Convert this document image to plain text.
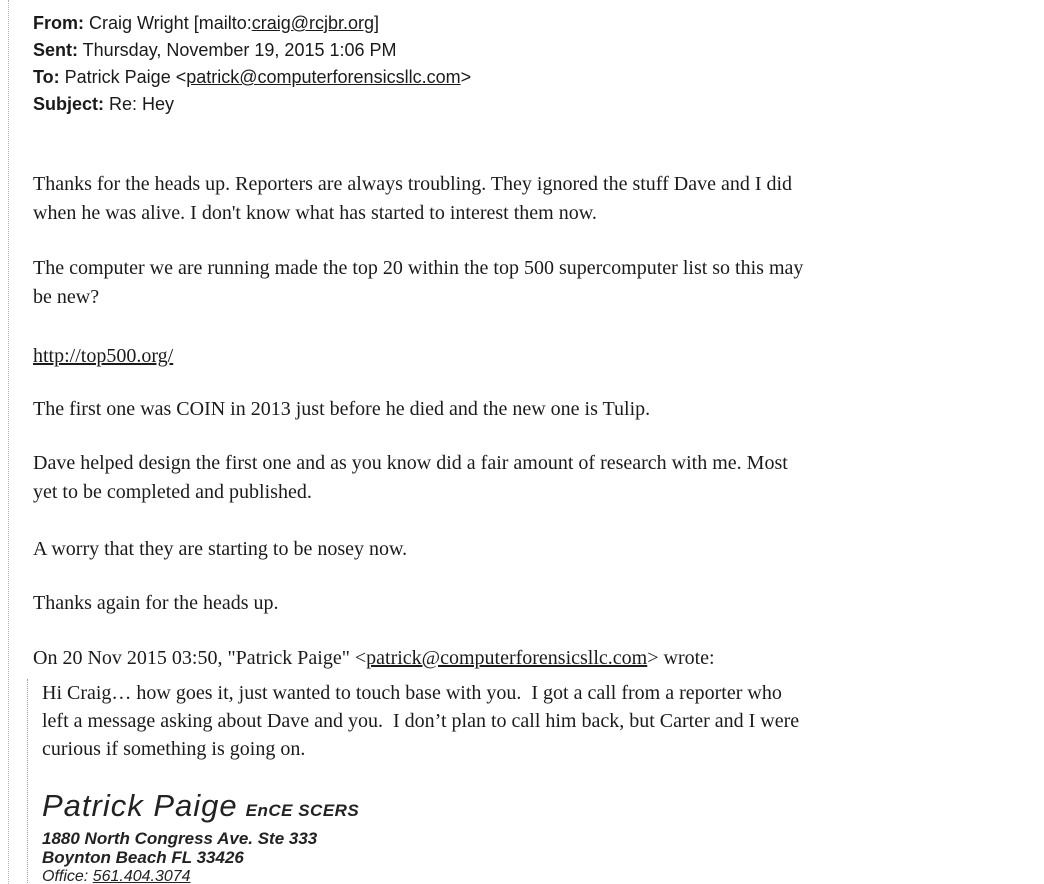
From: Craig Wright [mailto:craig@rcjbr.org]
Sent: Thursday, November 19, 2015 1:06 PM
To: Patrick Paige <patrick@computerforensicsllc.com>
Subject: Re: Hey

Thanks for the heads up. Reporters are always troubling. They ignored the stuff Dave and I did
when he was alive. I don't know what has started to interest them now.

The computer we are running made the top 20 within the top 500 supercomputer list so this may
be new?

http://top500.org/

The first one was COIN in 2013 just before he died and the new one is Tulip.

Dave helped design the first one and as you know did a fair amount of research with me. Most
yet to be completed and published.

A worry that they are starting to be nosey now.

Thanks again for the heads up.

On 20 Nov 2015 03:50, "Patrick Paige" <patrick@computerforensicsllc.com> wrote:

Hi Craig… how goes it, just wanted to touch base with you.  I got a call from a reporter who
left a message asking about Dave and you.  I don’t plan to call him back, but Carter and I were
curious if something is going on.

Patrick Paige EnCE SCERS
1880 North Congress Ave. Ste 333
Boynton Beach FL 33426
Office: 561.404.3074
